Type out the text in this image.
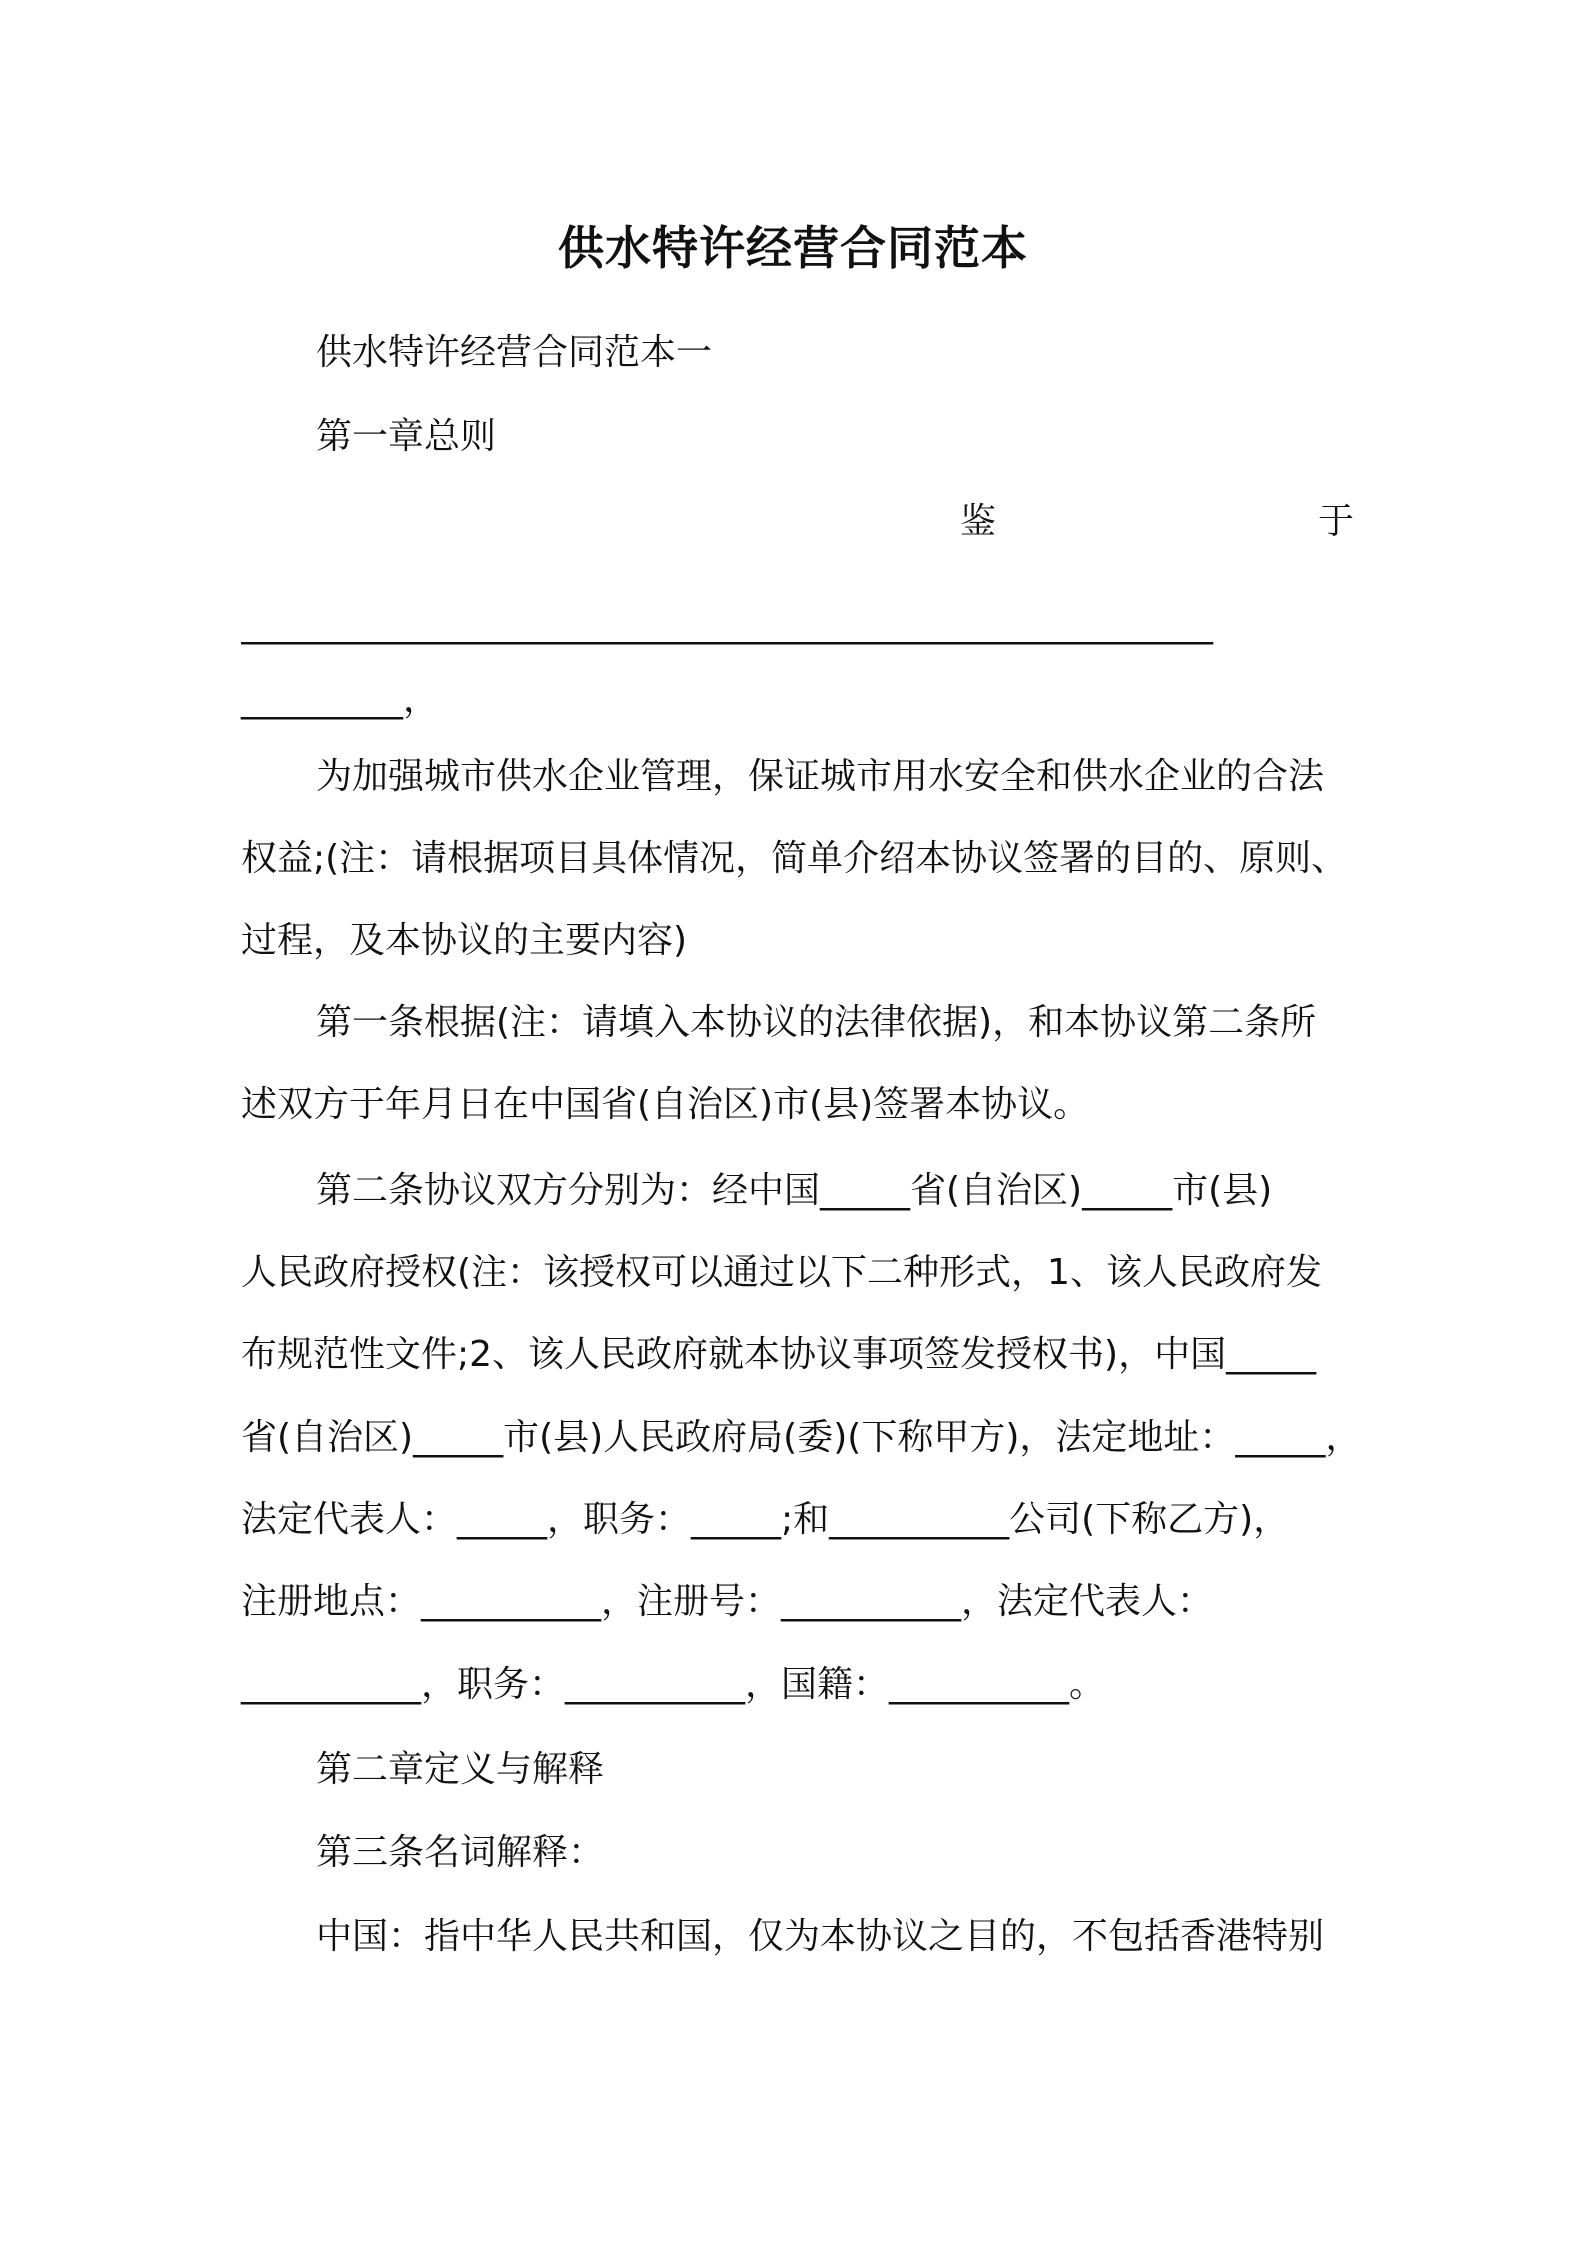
供水特许经营合同范本
供水特许经营合同范本一
第一章总则
鉴	于
______________________________________________________
_________，
为加强城市供水企业管理，保证城市用水安全和供水企业的合法
权益;(注：请根据项目具体情况，简单介绍本协议签署的目的、原则、
过程，及本协议的主要内容)
第一条根据(注：请填入本协议的法律依据)，和本协议第二条所
述双方于年月日在中国省(自治区)市(县)签署本协议。
第二条协议双方分别为：经中国_____省(自治区)_____市(县)
人民政府授权(注：该授权可以通过以下二种形式，1、该人民政府发
布规范性文件;2、该人民政府就本协议事项签发授权书)，中国_____
省(自治区)_____市(县)人民政府局(委)(下称甲方)，法定地址：_____，
法定代表人：_____，职务：_____;和__________公司(下称乙方)，
注册地点：__________，注册号：__________，法定代表人：
__________，职务：__________，国籍：__________。
第二章定义与解释
第三条名词解释：
中国：指中华人民共和国，仅为本协议之目的，不包括香港特别
